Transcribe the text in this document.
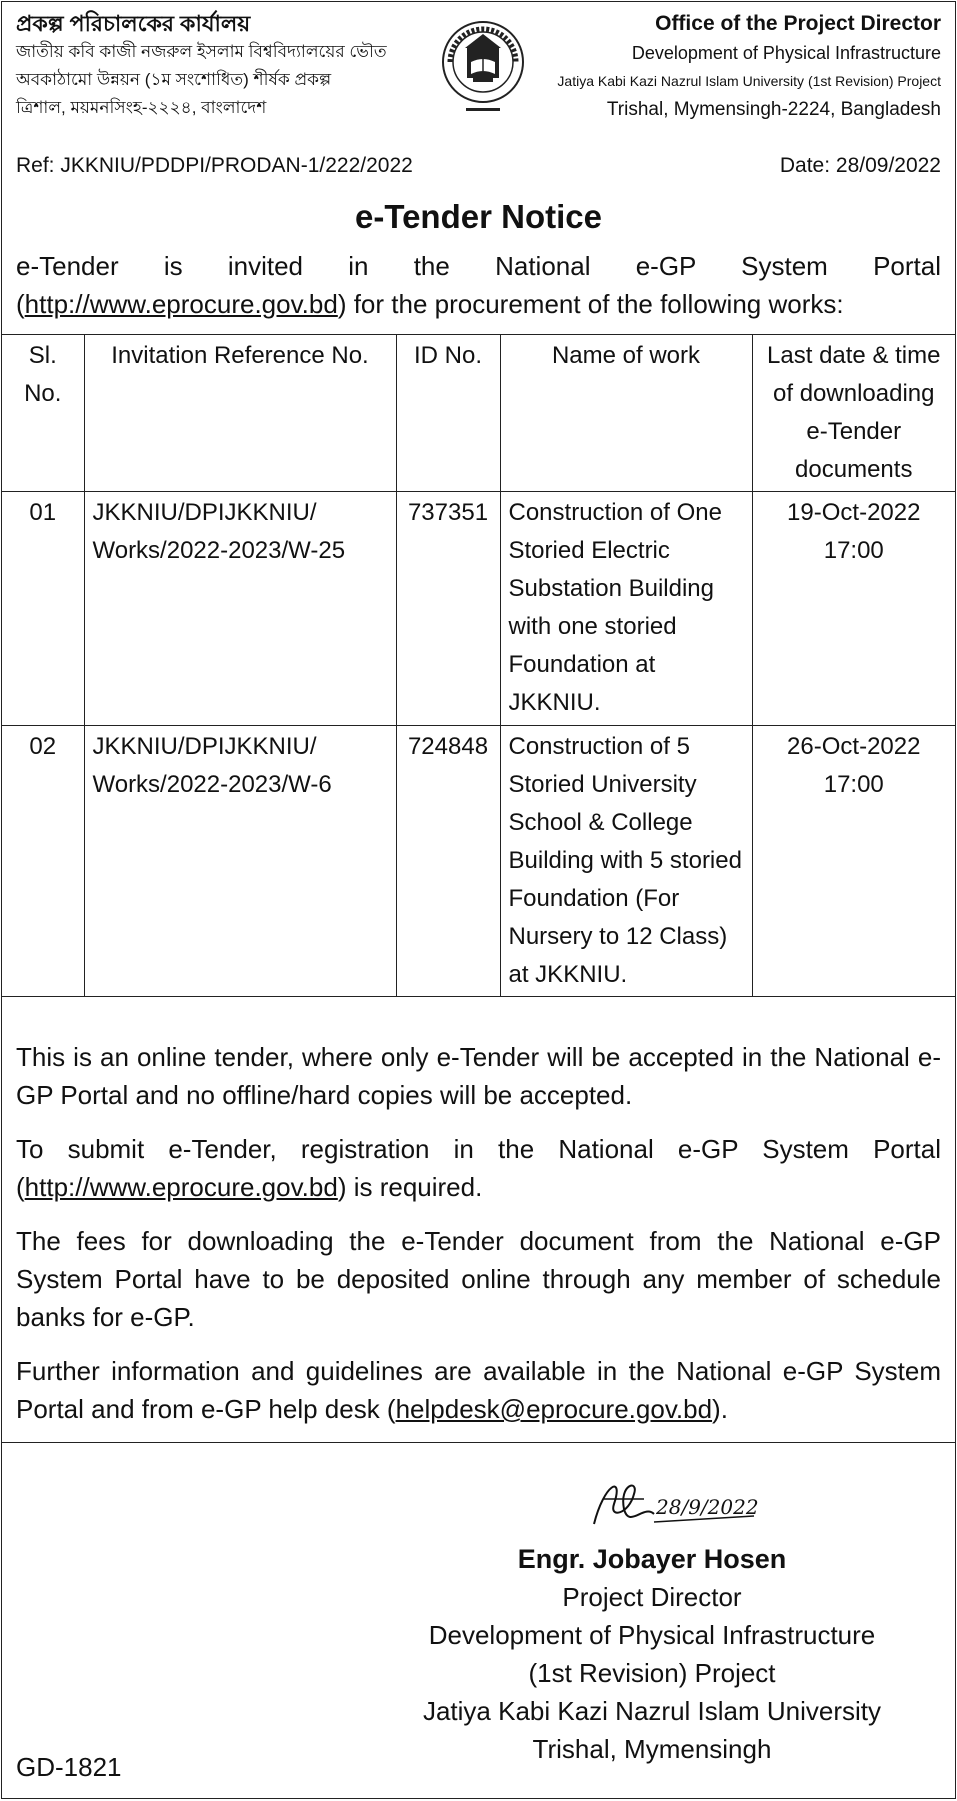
প্রকল্প পরিচালকের কার্যালয়
জাতীয় কবি কাজী নজরুল ইসলাম বিশ্ববিদ্যালয়ের ভৌত
অবকাঠামো উন্নয়ন (১ম সংশোধিত) শীর্ষক প্রকল্প
ত্রিশাল, ময়মনসিংহ-২২২৪, বাংলাদেশ
Office of the Project Director
Development of Physical Infrastructure
Jatiya Kabi Kazi Nazrul Islam University (1st Revision) Project
Trishal, Mymensingh-2224, Bangladesh
Ref: JKKNIU/PDDPI/PRODAN-1/222/2022	Date: 28/09/2022
e-Tender Notice
e-Tender is invited in the National e-GP System Portal
(http://www.eprocure.gov.bd) for the procurement of the following works:
Sl. No.	Invitation Reference No.	ID No.	Name of work	Last date & time of downloading e-Tender documents
01	JKKNIU/DPIJKKNIU/ Works/2022-2023/W-25	737351	Construction of One Storied Electric Substation Building with one storied Foundation at JKKNIU.	19-Oct-2022
17:00

02	JKKNIU/DPIJKKNIU/ Works/2022-2023/W-6	724848	Construction of 5 Storied University School & College Building with 5 storied Foundation (For Nursery to 12 Class) at JKKNIU.	26-Oct-2022
17:00

This is an online tender, where only e-Tender will be accepted in the National e-GP Portal and no offline/hard copies will be accepted.

To submit e-Tender, registration in the National e-GP System Portal
(http://www.eprocure.gov.bd) is required.

The fees for downloading the e-Tender document from the National e-GP System Portal have to be deposited online through any member of schedule banks for e-GP.

Further information and guidelines are available in the National e-GP System Portal and from e-GP help desk (helpdesk@eprocure.gov.bd).

28/9/2022
Engr. Jobayer Hosen
Project Director
Development of Physical Infrastructure
(1st Revision) Project
Jatiya Kabi Kazi Nazrul Islam University
Trishal, Mymensingh
GD-1821
